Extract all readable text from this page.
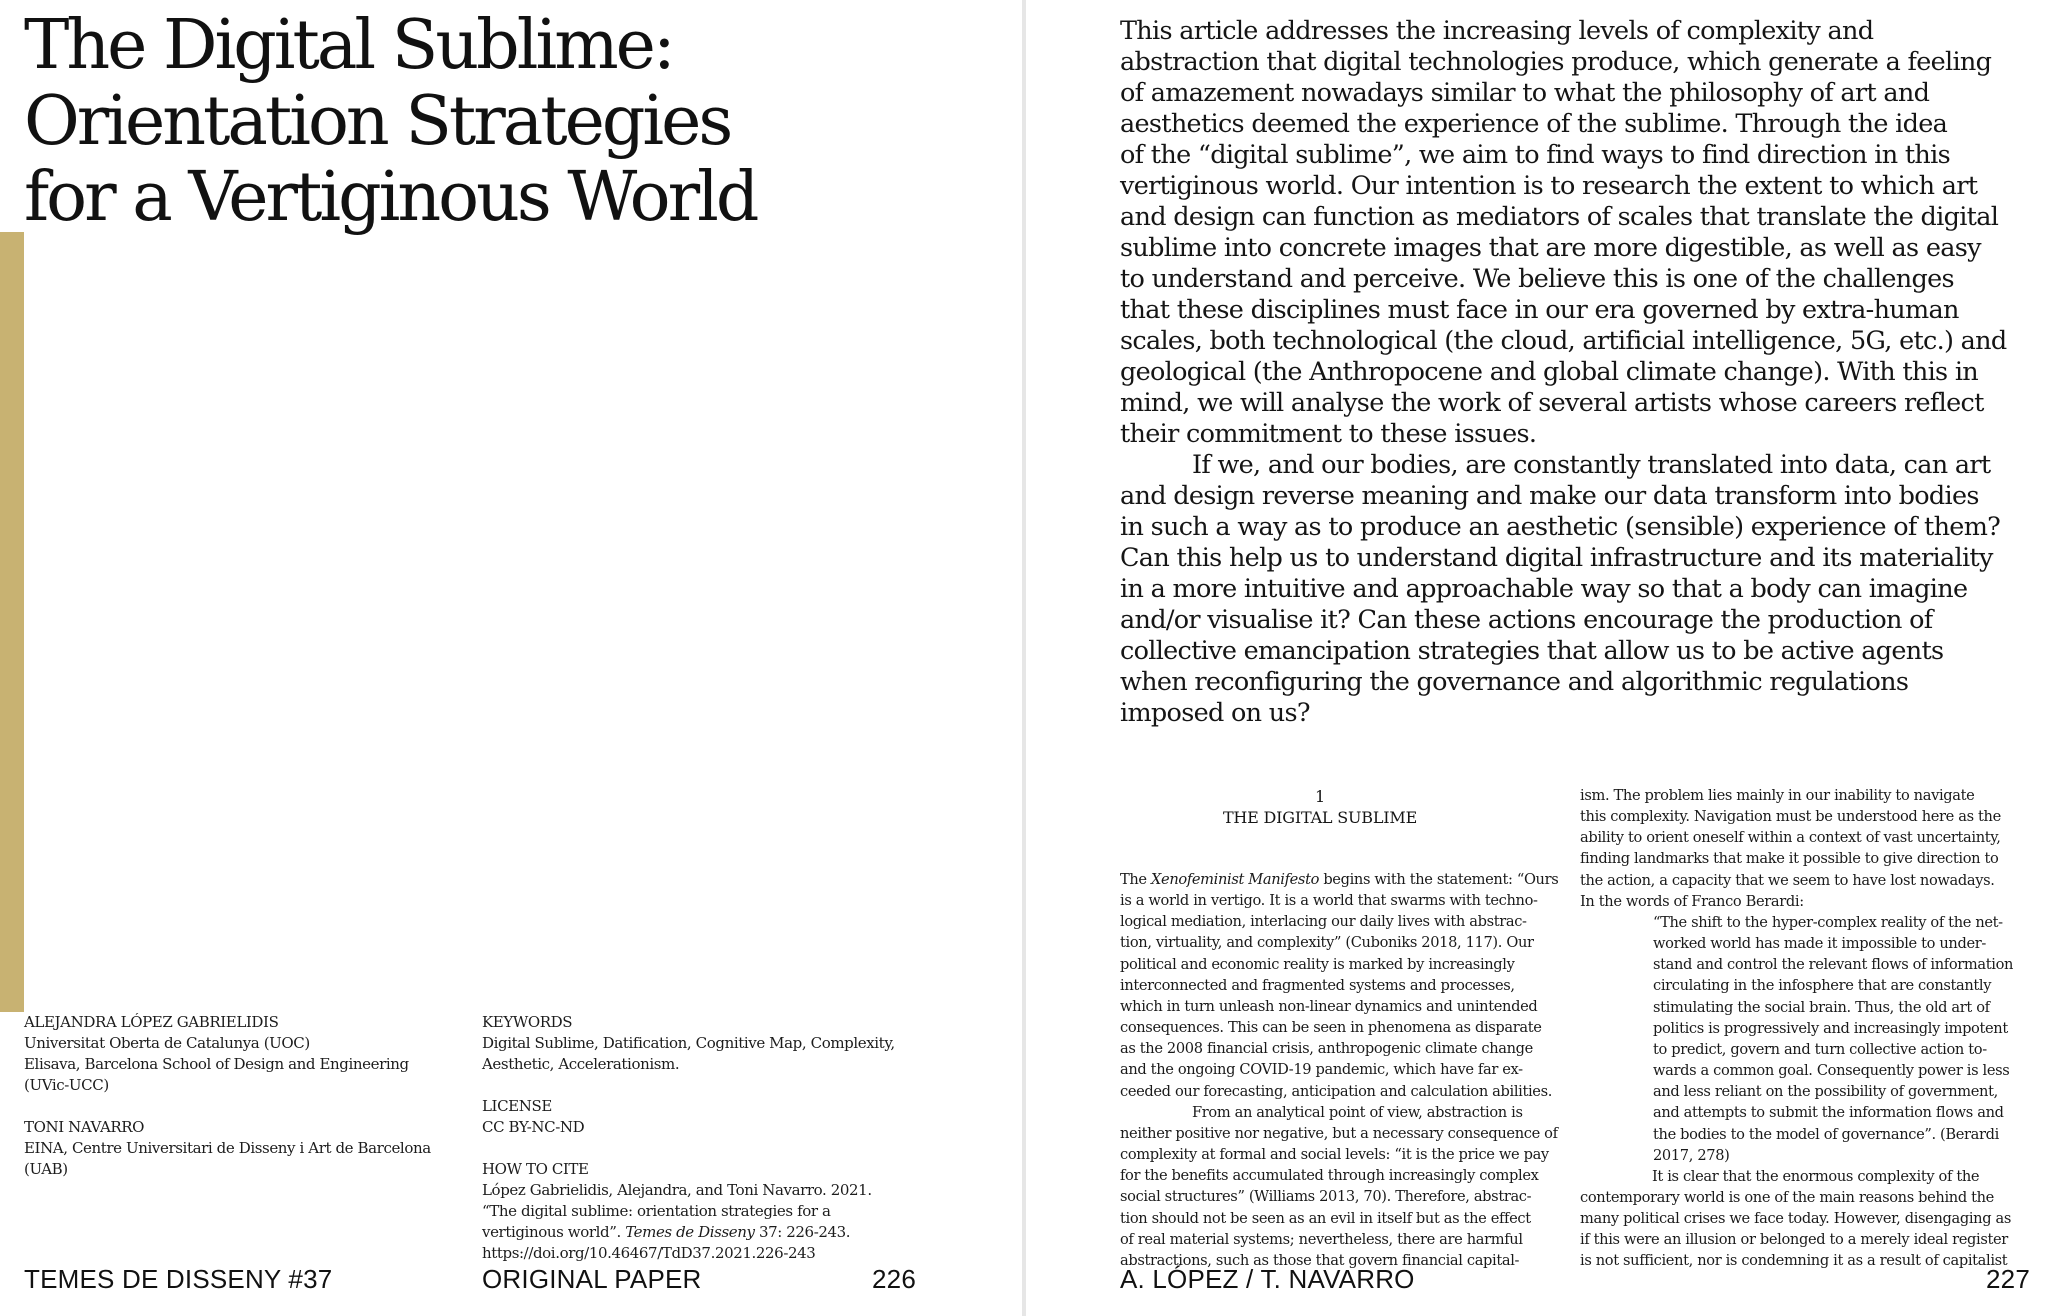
The Digital Sublime:
Orientation Strategies
for a Vertiginous World
ALEJANDRA LÓPEZ GABRIELIDIS
Universitat Oberta de Catalunya (UOC)
Elisava, Barcelona School of Design and Engineering
(UVic-UCC)
TONI NAVARRO
EINA, Centre Universitari de Disseny i Art de Barcelona
(UAB)
KEYWORDS
Digital Sublime, Datification, Cognitive Map, Complexity,
Aesthetic, Accelerationism.
LICENSE
CC BY-NC-ND
HOW TO CITE
López Gabrielidis, Alejandra, and Toni Navarro. 2021.
“The digital sublime: orientation strategies for a
vertiginous world”. Temes de Disseny 37: 226-243.
https://doi.org/10.46467/TdD37.2021.226-243
TEMES DE DISSENY #37	ORIGINAL PAPER	226
This article addresses the increasing levels of complexity and
abstraction that digital technologies produce, which generate a feeling
of amazement nowadays similar to what the philosophy of art and
aesthetics deemed the experience of the sublime. Through the idea
of the “digital sublime”, we aim to find ways to find direction in this
vertiginous world. Our intention is to research the extent to which art
and design can function as mediators of scales that translate the digital
sublime into concrete images that are more digestible, as well as easy
to understand and perceive. We believe this is one of the challenges
that these disciplines must face in our era governed by extra-human
scales, both technological (the cloud, artificial intelligence, 5G, etc.) and
geological (the Anthropocene and global climate change). With this in
mind, we will analyse the work of several artists whose careers reflect
their commitment to these issues.
If we, and our bodies, are constantly translated into data, can art
and design reverse meaning and make our data transform into bodies
in such a way as to produce an aesthetic (sensible) experience of them?
Can this help us to understand digital infrastructure and its materiality
in a more intuitive and approachable way so that a body can imagine
and/or visualise it? Can these actions encourage the production of
collective emancipation strategies that allow us to be active agents
when reconfiguring the governance and algorithmic regulations
imposed on us?
1
THE DIGITAL SUBLIME
The Xenofeminist Manifesto begins with the statement: “Ours
is a world in vertigo. It is a world that swarms with techno-
logical mediation, interlacing our daily lives with abstrac-
tion, virtuality, and complexity” (Cuboniks 2018, 117). Our
political and economic reality is marked by increasingly
interconnected and fragmented systems and processes,
which in turn unleash non-linear dynamics and unintended
consequences. This can be seen in phenomena as disparate
as the 2008 financial crisis, anthropogenic climate change
and the ongoing COVID-19 pandemic, which have far ex-
ceeded our forecasting, anticipation and calculation abilities.
From an analytical point of view, abstraction is
neither positive nor negative, but a necessary consequence of
complexity at formal and social levels: “it is the price we pay
for the benefits accumulated through increasingly complex
social structures” (Williams 2013, 70). Therefore, abstrac-
tion should not be seen as an evil in itself but as the effect
of real material systems; nevertheless, there are harmful
abstractions, such as those that govern financial capital-
ism. The problem lies mainly in our inability to navigate
this complexity. Navigation must be understood here as the
ability to orient oneself within a context of vast uncertainty,
finding landmarks that make it possible to give direction to
the action, a capacity that we seem to have lost nowadays.
In the words of Franco Berardi:
“The shift to the hyper-complex reality of the net-
worked world has made it impossible to under-
stand and control the relevant flows of information
circulating in the infosphere that are constantly
stimulating the social brain. Thus, the old art of
politics is progressively and increasingly impotent
to predict, govern and turn collective action to-
wards a common goal. Consequently power is less
and less reliant on the possibility of government,
and attempts to submit the information flows and
the bodies to the model of governance”. (Berardi
2017, 278)
It is clear that the enormous complexity of the
contemporary world is one of the main reasons behind the
many political crises we face today. However, disengaging as
if this were an illusion or belonged to a merely ideal register
is not sufficient, nor is condemning it as a result of capitalist
A. LÓPEZ / T. NAVARRO	227
